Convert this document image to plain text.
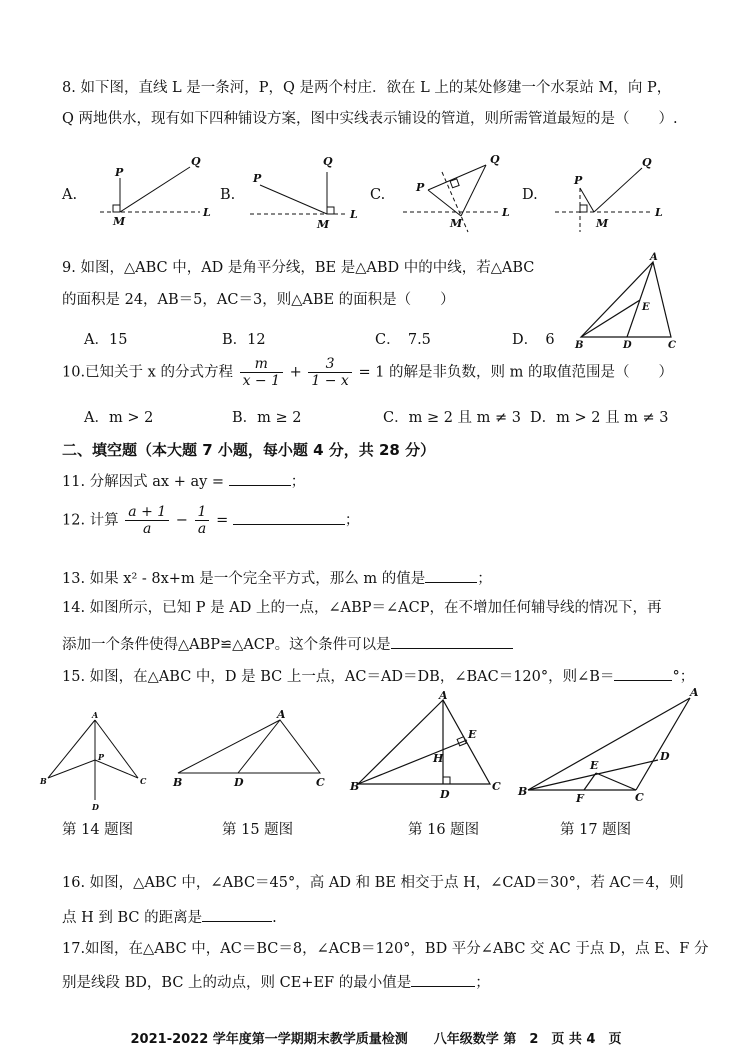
8. 如下图，直线 L 是一条河，P，Q 是两个村庄．欲在 L 上的某处修建一个水泵站 M，向 P，
Q 两地供水，现有如下四种铺设方案，图中实线表示铺设的管道，则所需管道最短的是（　　）.
A.	B.	C.	D.
P
Q
M
L
P
Q
M
L
P
Q
M
L
P
Q
M
L
9. 如图，△ABC 中，AD 是角平分线，BE 是△ABD 中的中线，若△ABC
的面积是 24，AB＝5，AC＝3，则△ABE 的面积是（　　）
A．15	B．12	C．　7.5	D．　6
A
B	C
D
E
10.已知关于 x 的分式方程 $\frac{m}{x - 1} + \frac{3}{1 - x} = 1$ 的解是非负数，则 m 的取值范围是（　　）
A．m > 2	B．m ≥ 2	C．m ≥ 2 且 m ≠ 3 D．m > 2 且 m ≠ 3
二、填空题（本大题 7 小题，每小题 4 分，共 28 分）
11. 分解因式 ax + ay =	；
12. 计算 $\frac{a + 1}{a} - \frac{1}{a}$ =	；
13. 如果 x² - 8x+m 是一个完全平方式，那么 m 的值是	；
14. 如图所示，已知 P 是 AD 上的一点，∠ABP＝∠ACP，在不增加任何辅导线的情况下，再
添加一个条件使得△ABP≌△ACP。这个条件可以是
15. 如图，在△ABC 中，D 是 BC 上一点，AC＝AD＝DB，∠BAC＝120°，则∠B＝	°；
A
P
B	C
D
A
B	C
D
A
B	C
D
E
H
A
B	C
D
E
F
第 14 题图	第 15 题图	第 16 题图	第 17 题图
16. 如图，△ABC 中，∠ABC＝45°，高 AD 和 BE 相交于点 H，∠CAD＝30°，若 AC＝4，则
点 H 到 BC 的距离是	.
17.如图，在△ABC 中，AC＝BC＝8，∠ACB＝120°，BD 平分∠ABC 交 AC 于点 D，点 E、F 分
别是线段 BD，BC 上的动点，则 CE+EF 的最小值是	；
2021-2022 学年度第一学期期末教学质量检测　　八年级数学 第　2　页 共 4　页
